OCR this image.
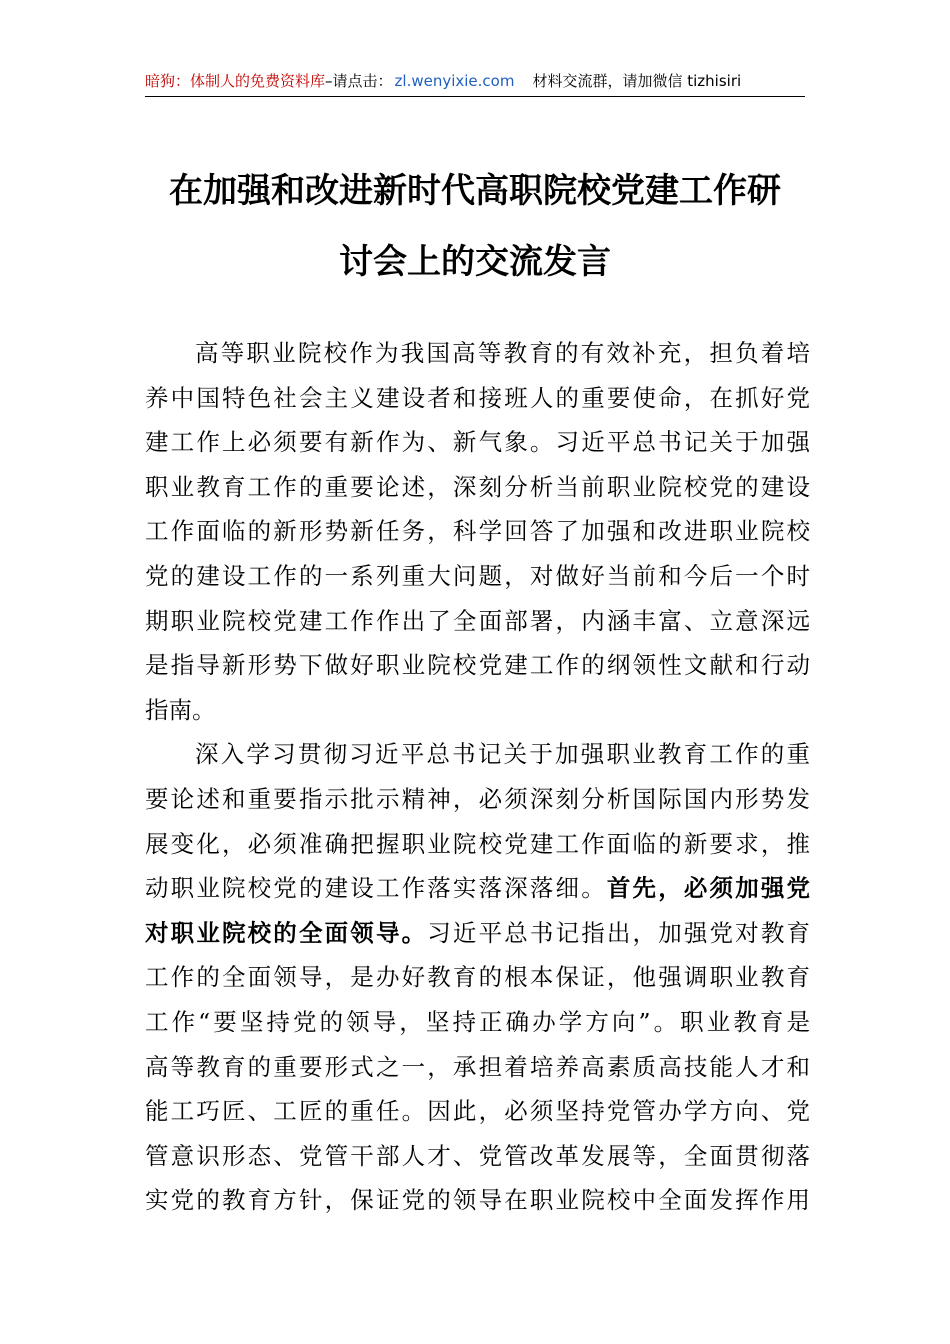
暗狗：体制人的免费资料库–请点击： zl.wenyixie.com 材料交流群，请加微信 tizhisiri
在加强和改进新时代高职院校党建工作研
讨会上的交流发言
高等职业院校作为我国高等教育的有效补充，担负着培
养中国特色社会主义建设者和接班人的重要使命，在抓好党
建工作上必须要有新作为、新气象。习近平总书记关于加强
职业教育工作的重要论述，深刻分析当前职业院校党的建设
工作面临的新形势新任务，科学回答了加强和改进职业院校
党的建设工作的一系列重大问题，对做好当前和今后一个时
期职业院校党建工作作出了全面部署，内涵丰富、立意深远
是指导新形势下做好职业院校党建工作的纲领性文献和行动
指南。
深入学习贯彻习近平总书记关于加强职业教育工作的重
要论述和重要指示批示精神，必须深刻分析国际国内形势发
展变化，必须准确把握职业院校党建工作面临的新要求，推
动职业院校党的建设工作落实落深落细。首先，必须加强党
对职业院校的全面领导。习近平总书记指出，加强党对教育
工作的全面领导，是办好教育的根本保证，他强调职业教育
工作“要坚持党的领导，坚持正确办学方向”。职业教育是
高等教育的重要形式之一，承担着培养高素质高技能人才和
能工巧匠、工匠的重任。因此，必须坚持党管办学方向、党
管意识形态、党管干部人才、党管改革发展等，全面贯彻落
实党的教育方针，保证党的领导在职业院校中全面发挥作用
